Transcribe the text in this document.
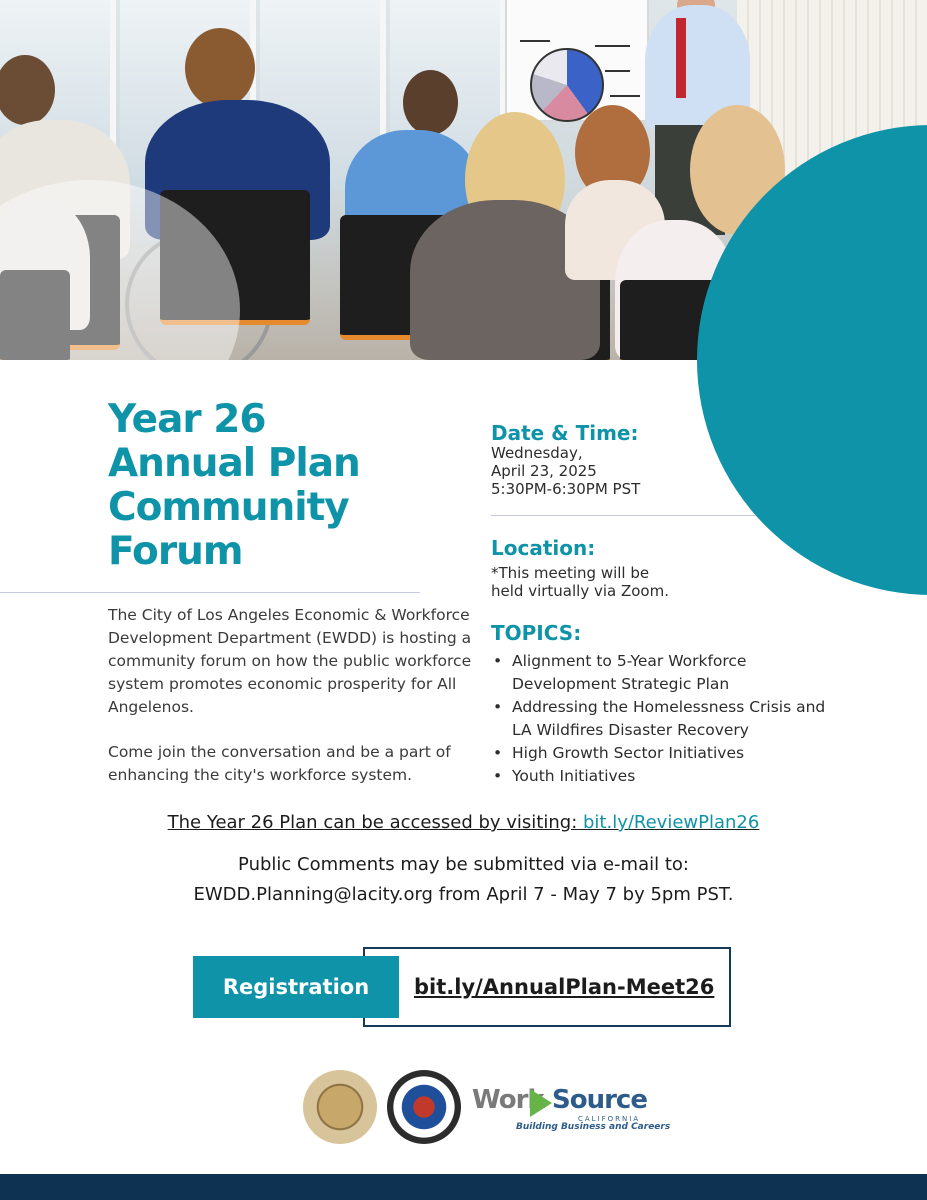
Year 26
Annual Plan
Community
Forum

The City of Los Angeles Economic & Workforce Development Department (EWDD) is hosting a community forum on how the public workforce system promotes economic prosperity for All Angelenos.

Come join the conversation and be a part of enhancing the city's workforce system.

Date & Time:
Wednesday,
April 23, 2025
5:30PM-6:30PM PST
Location:
*This meeting will be
held virtually via Zoom.
TOPICS:
• Alignment to 5-Year Workforce Development Strategic Plan
• Addressing the Homelessness Crisis and LA Wildfires Disaster Recovery
• High Growth Sector Initiatives
• Youth Initiatives
The Year 26 Plan can be accessed by visiting: bit.ly/ReviewPlan26
Public Comments may be submitted via e-mail to:
EWDD.Planning@lacity.org from April 7 - May 7 by 5pm PST.
Registration	bit.ly/AnnualPlan-Meet26
Work Source
CALIFORNIA
Building Business and Careers
